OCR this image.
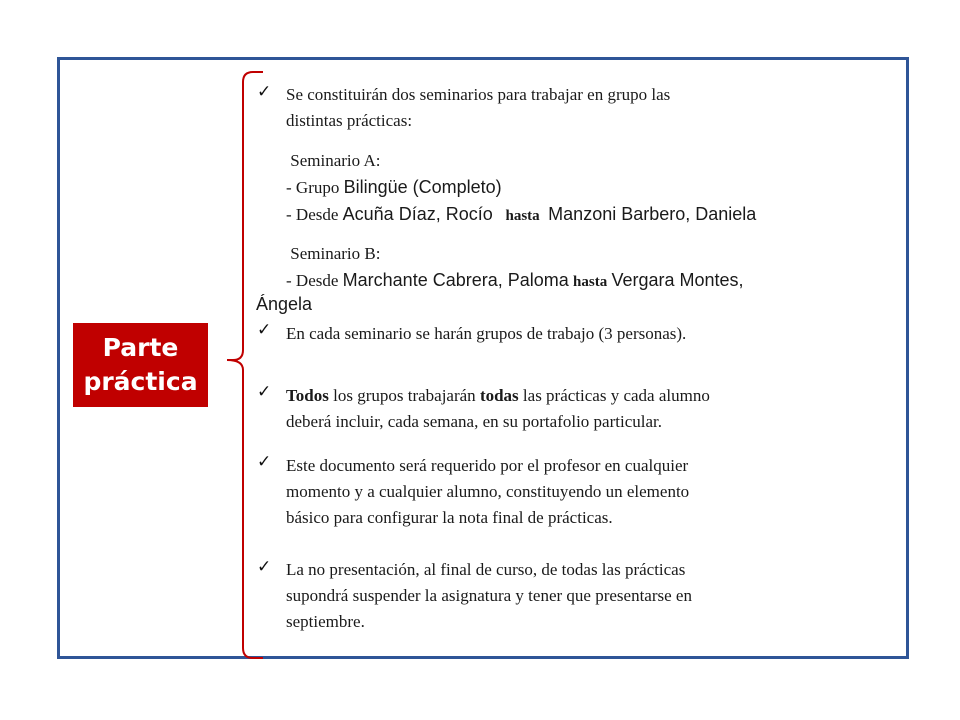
Parte
práctica
✓ Se constituirán dos seminarios para trabajar en grupo las
distintas prácticas:
Seminario A:
- Grupo Bilingüe (Completo)
- Desde Acuña Díaz, Rocío hasta Manzoni Barbero, Daniela
Seminario B:
- Desde Marchante Cabrera, Paloma hasta Vergara Montes,
Ángela
✓ En cada seminario se harán grupos de trabajo (3 personas).
✓ Todos los grupos trabajarán todas las prácticas y cada alumno
deberá incluir, cada semana, en su portafolio particular.
✓ Este documento será requerido por el profesor en cualquier
momento y a cualquier alumno, constituyendo un elemento
básico para configurar la nota final de prácticas.
✓ La no presentación, al final de curso, de todas las prácticas
supondrá suspender la asignatura y tener que presentarse en
septiembre.
